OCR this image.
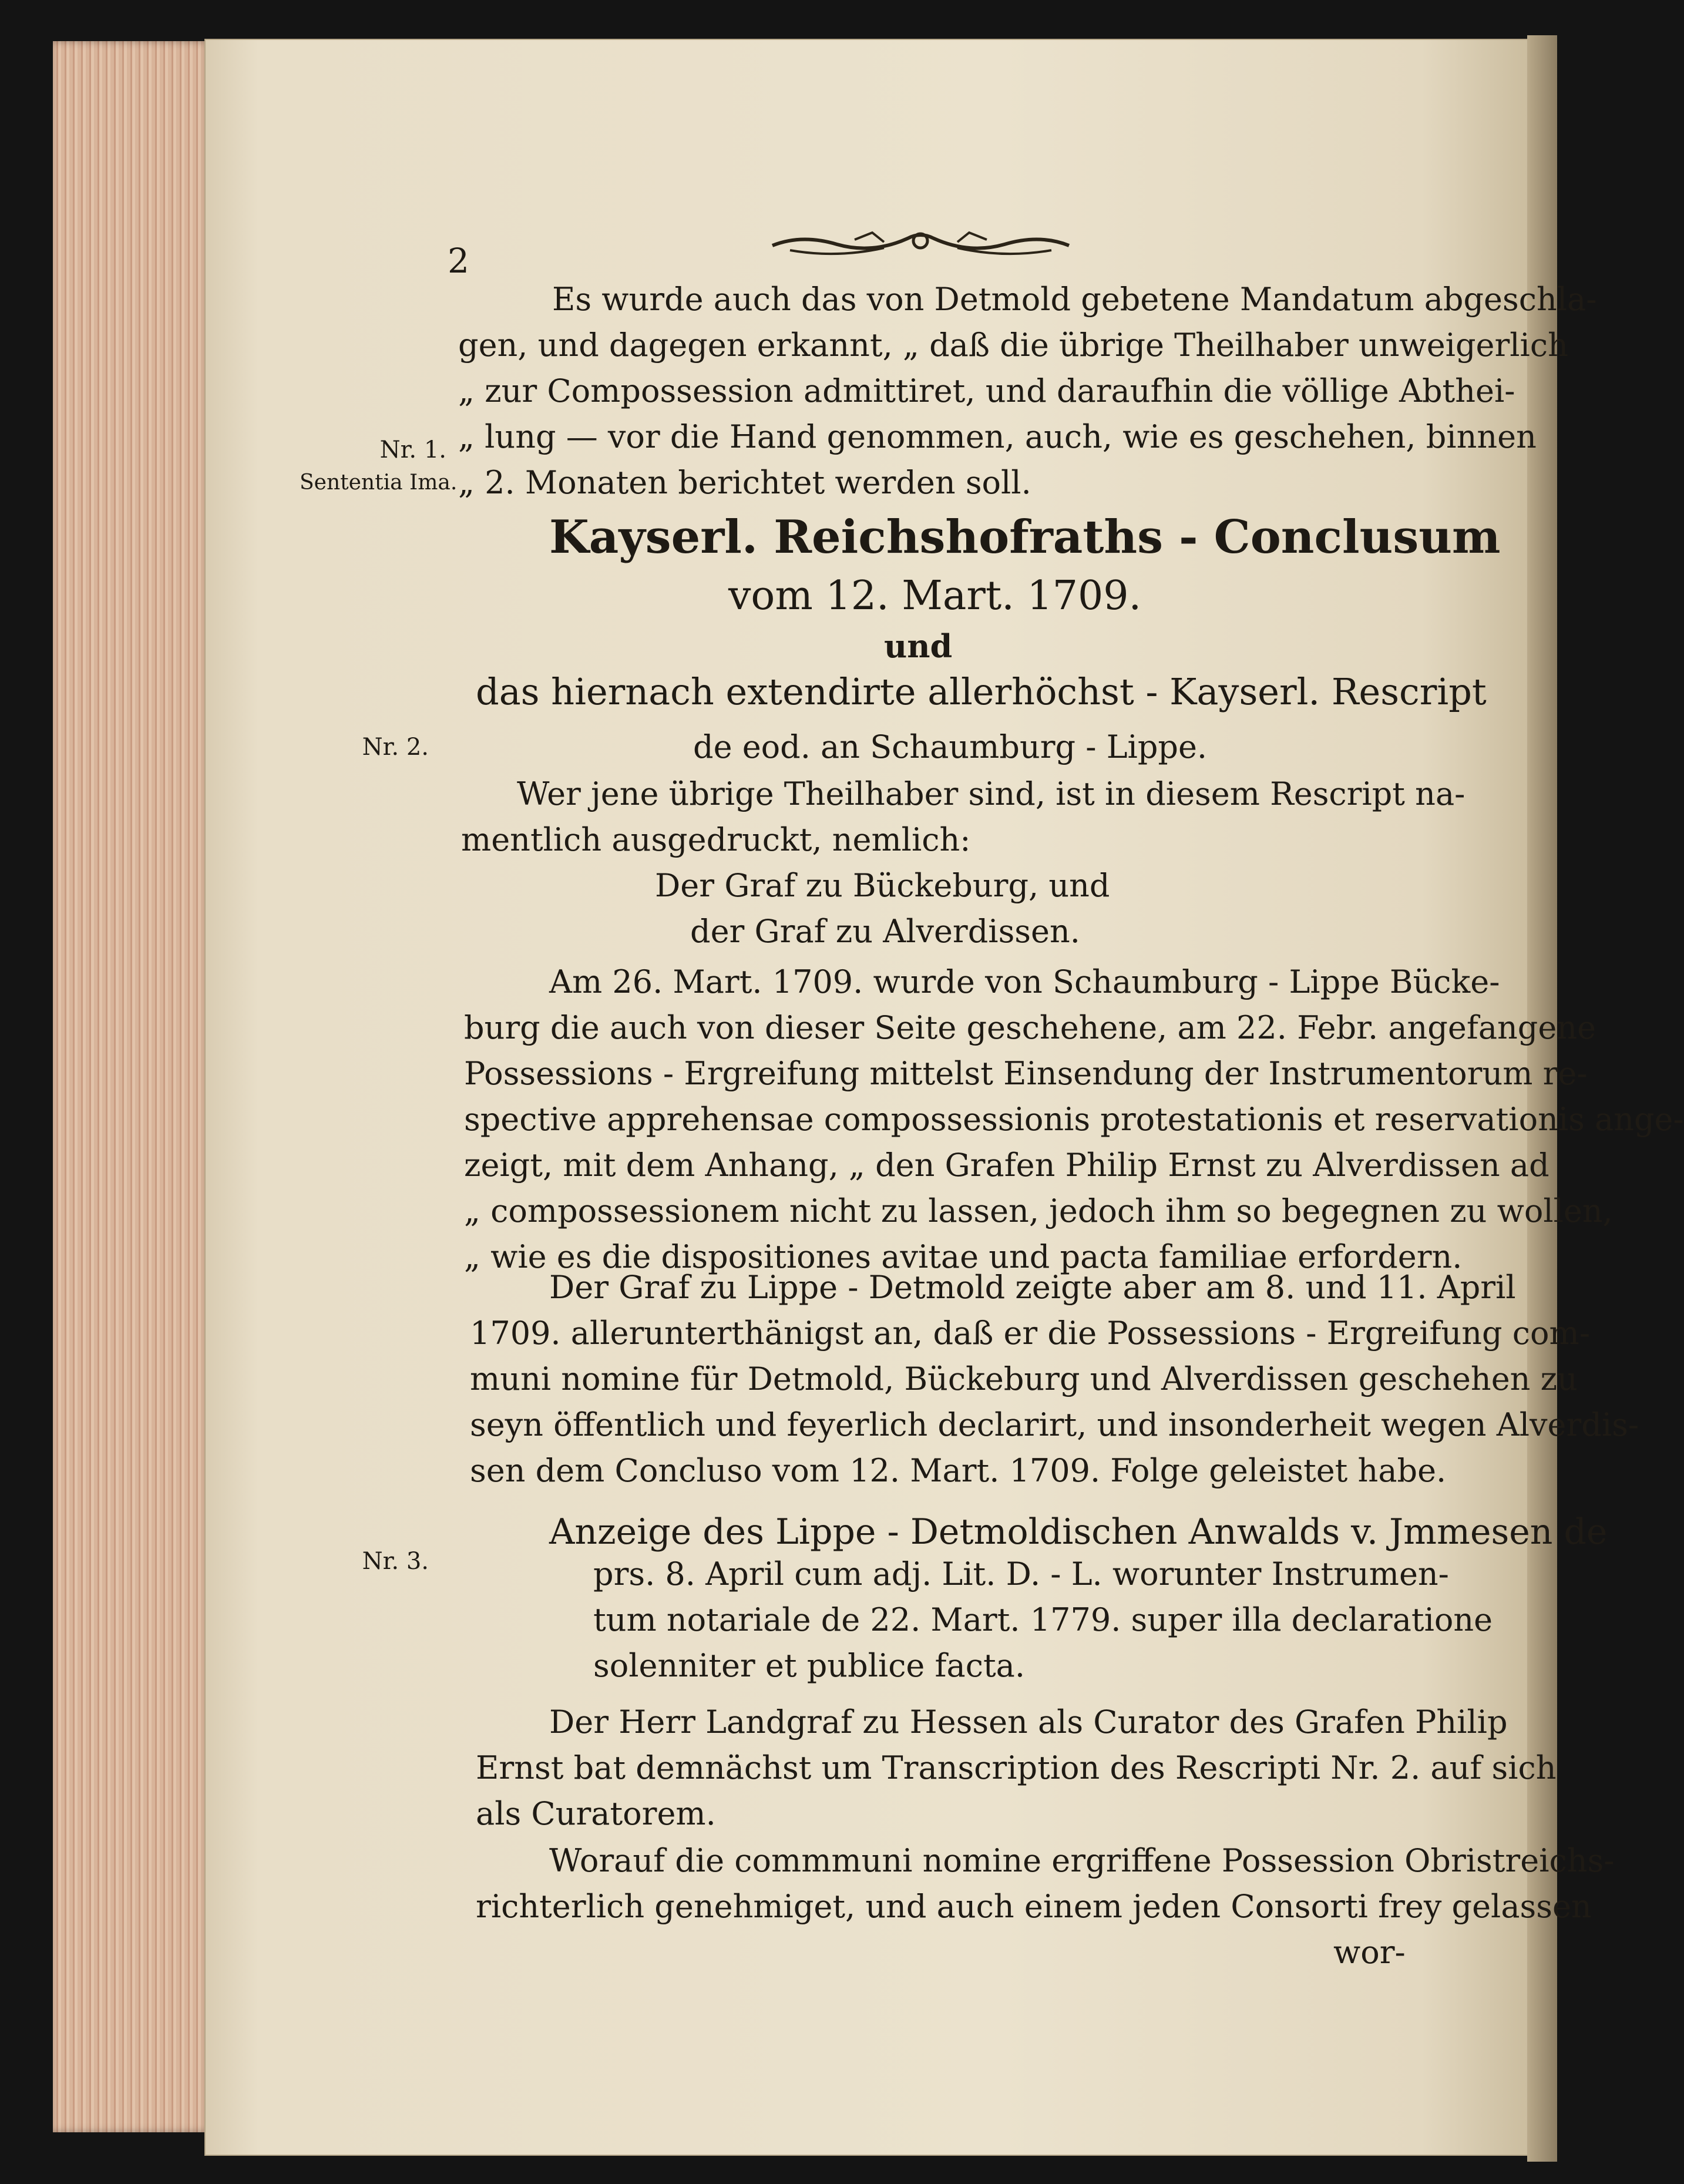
2
Es wurde auch das von Detmold gebetene Mandatum abgeschla-
gen, und dagegen erkannt, „ daß die übrige Theilhaber unweigerlich
„ zur Compossession admittiret, und daraufhin die völlige Abthei-
„ lung — vor die Hand genommen, auch, wie es geschehen, binnen
„ 2. Monaten berichtet werden soll.
Nr. 1.
Sententia Ima.
Kayserl. Reichshofraths - Conclusum
vom 12. Mart. 1709.
und
das hiernach extendirte allerhöchst - Kayserl. Rescript
de eod. an Schaumburg - Lippe.
Nr. 2.
Wer jene übrige Theilhaber sind, ist in diesem Rescript na-
mentlich ausgedruckt, nemlich:
Der Graf zu Bückeburg, und
der Graf zu Alverdissen.
Am 26. Mart. 1709. wurde von Schaumburg - Lippe Bücke-
burg die auch von dieser Seite geschehene, am 22. Febr. angefangene
Possessions - Ergreifung mittelst Einsendung der Instrumentorum re-
spective apprehensae compossessionis protestationis et reservationis ange-
zeigt, mit dem Anhang, „ den Grafen Philip Ernst zu Alverdissen ad
„ compossessionem nicht zu lassen, jedoch ihm so begegnen zu wollen,
„ wie es die dispositiones avitae und pacta familiae erfordern.
Der Graf zu Lippe - Detmold zeigte aber am 8. und 11. April
1709. allerunterthänigst an, daß er die Possessions - Ergreifung com-
muni nomine für Detmold, Bückeburg und Alverdissen geschehen zu
seyn öffentlich und feyerlich declarirt, und insonderheit wegen Alverdis-
sen dem Concluso vom 12. Mart. 1709. Folge geleistet habe.
Nr. 3.
Anzeige des Lippe - Detmoldischen Anwalds v. Jmmesen de
prs. 8. April cum adj. Lit. D. - L. worunter Instrumen-
tum notariale de 22. Mart. 1779. super illa declaratione
solenniter et publice facta.
Der Herr Landgraf zu Hessen als Curator des Grafen Philip
Ernst bat demnächst um Transcription des Rescripti Nr. 2. auf sich
als Curatorem.
Worauf die commmuni nomine ergriffene Possession Obristreichs-
richterlich genehmiget, und auch einem jeden Consorti frey gelassen
wor-
